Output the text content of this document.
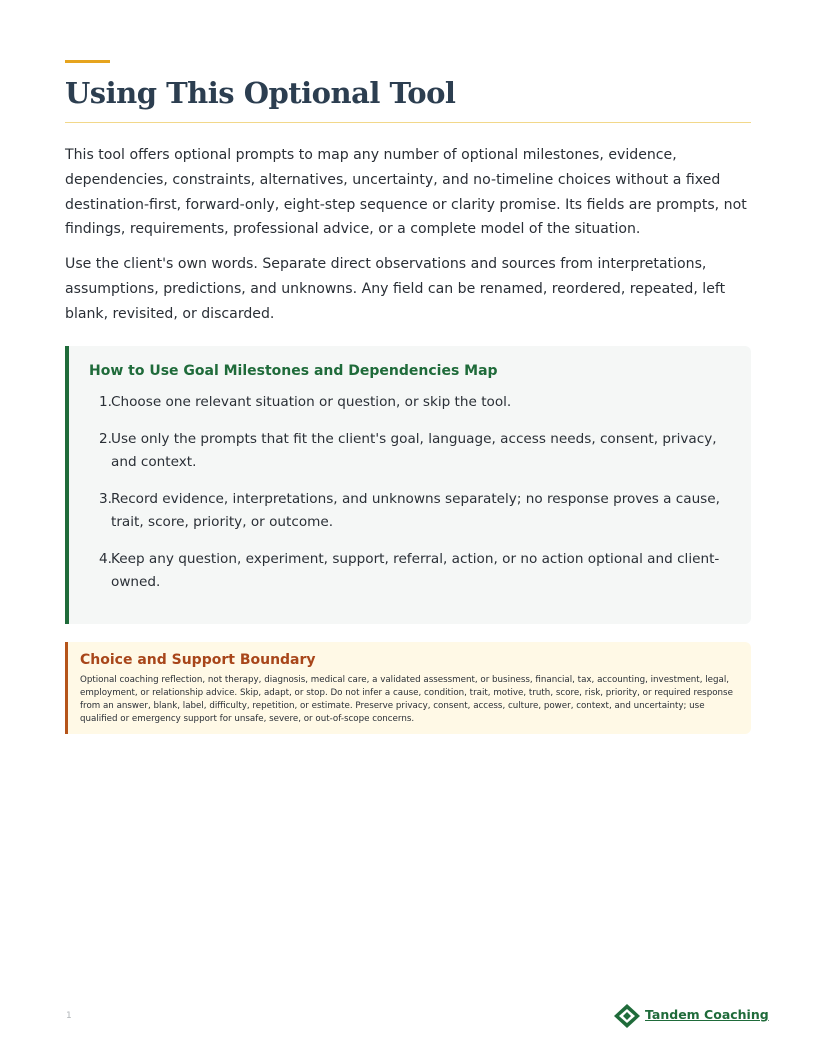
Using This Optional Tool

This tool offers optional prompts to map any number of optional milestones, evidence, dependencies, constraints, alternatives, uncertainty, and no-timeline choices without a fixed destination-first, forward-only, eight-step sequence or clarity promise. Its fields are prompts, not findings, requirements, professional advice, or a complete model of the situation.

Use the client's own words. Separate direct observations and sources from interpretations, assumptions, predictions, and unknowns. Any field can be renamed, reordered, repeated, left blank, revisited, or discarded.

How to Use Goal Milestones and Dependencies Map
1. Choose one relevant situation or question, or skip the tool.
2. Use only the prompts that fit the client's goal, language, access needs, consent, privacy, and context.
3. Record evidence, interpretations, and unknowns separately; no response proves a cause, trait, score, priority, or outcome.
4. Keep any question, experiment, support, referral, action, or no action optional and client-owned.
Choice and Support Boundary

Optional coaching reflection, not therapy, diagnosis, medical care, a validated assessment, or business, financial, tax, accounting, investment, legal, employment, or relationship advice. Skip, adapt, or stop. Do not infer a cause, condition, trait, motive, truth, score, risk, priority, or required response from an answer, blank, label, difficulty, repetition, or estimate. Preserve privacy, consent, access, culture, power, context, and uncertainty; use qualified or emergency support for unsafe, severe, or out-of-scope concerns.

1	Tandem Coaching
